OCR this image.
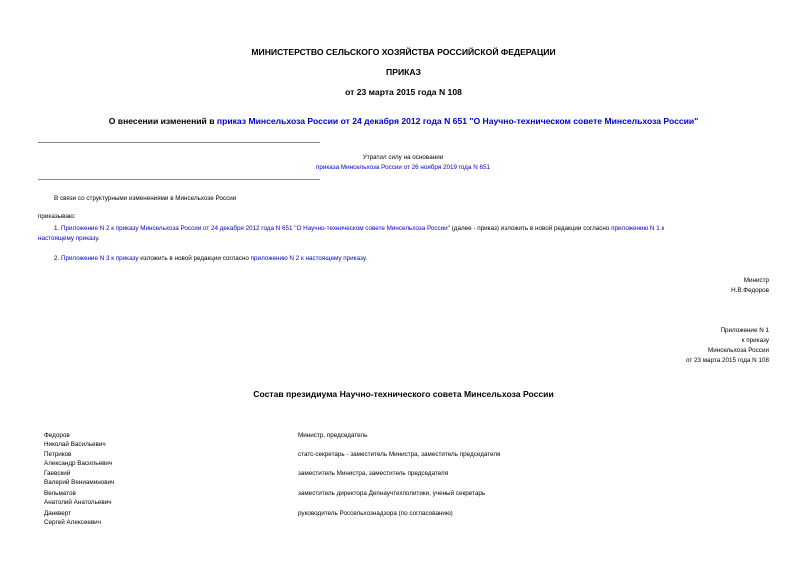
МИНИСТЕРСТВО СЕЛЬСКОГО ХОЗЯЙСТВА РОССИЙСКОЙ ФЕДЕРАЦИИ
ПРИКАЗ
от 23 марта 2015 года N 108
О внесении изменений в приказ Минсельхоза России от 24 декабря 2012 года N 651 "О Научно-техническом совете Минсельхоза России"
Утратил силу на основании
приказа Минсельхоза России от 26 ноября 2019 года N 651
В связи со структурными изменениями в Минсельхозе России
приказываю:
1. Приложение N 2 к приказу Минсельхоза России от 24 декабря 2012 года N 651 "О Научно-техническом совете Минсельхоза России" (далее - приказ) изложить в новой редакции согласно приложению N 1 к
настоящему приказу.
2. Приложение N 3 к приказу изложить в новой редакции согласно приложению N 2 к настоящему приказу.
Министр
Н.В.Федоров
Приложение N 1
к приказу
Минсельхоза России
от 23 марта 2015 года N 108
Состав президиума Научно-технического совета Минсельхоза России
Федоров
Николай Васильевич
Министр, председатель
Петриков
Александр Васильевич
статс-секретарь - заместитель Министра, заместитель председателя
Гаевский
Валерий Вениаминович
заместитель Министра, заместитель председателя
Вельматов
Анатолий Анатольевич
заместитель директора Депнаучтехполитики, ученый секретарь
Данкверт
Сергей Алексеевич
руководитель Россельхознадзора (по согласованию)
